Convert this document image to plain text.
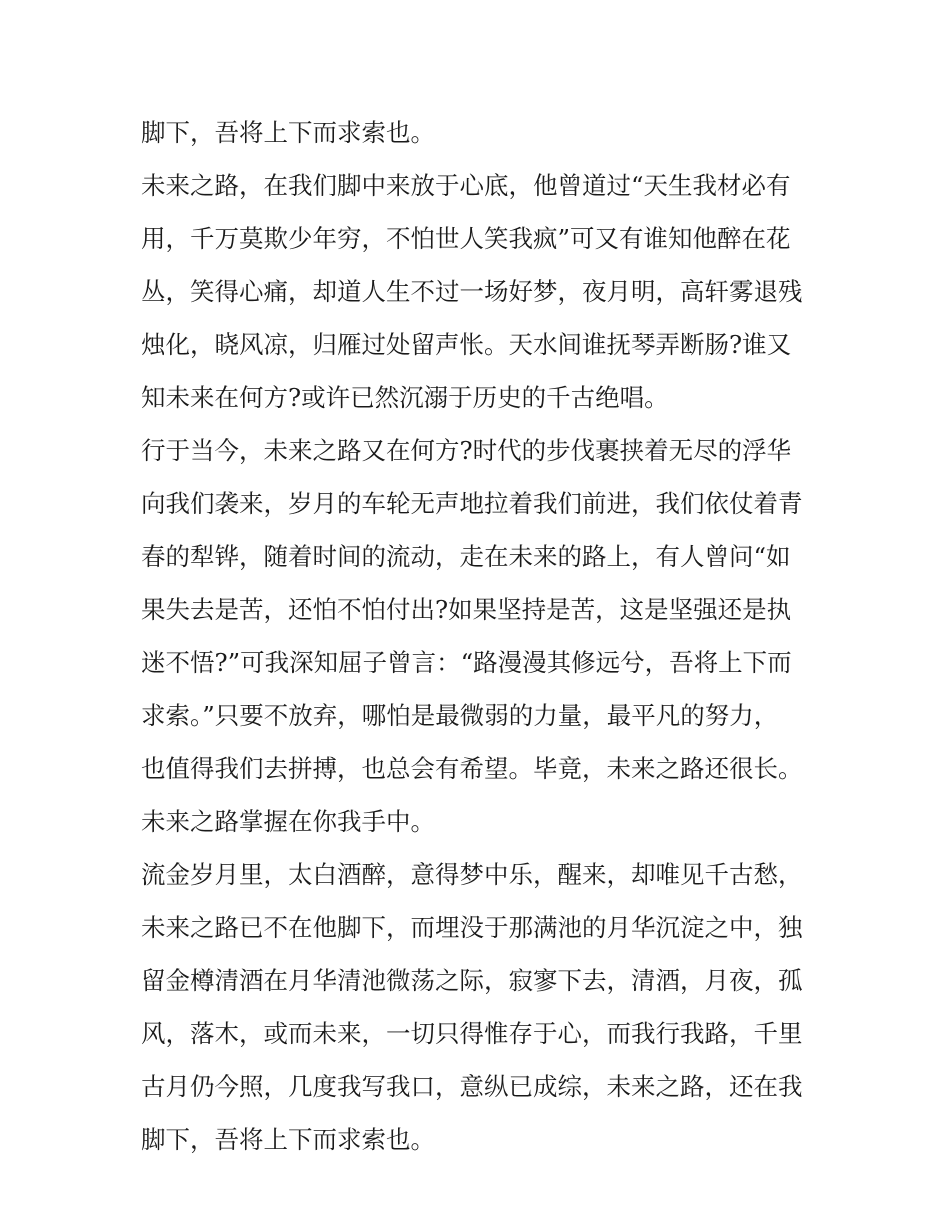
脚下，吾将上下而求索也。
未来之路，在我们脚中来放于心底，他曾道过“天生我材必有
用，千万莫欺少年穷，不怕世人笑我疯”可又有谁知他醉在花
丛，笑得心痛，却道人生不过一场好梦，夜月明，高轩雾退残
烛化，晓风凉，归雁过处留声怅。天水间谁抚琴弄断肠?谁又
知未来在何方?或许已然沉溺于历史的千古绝唱。
行于当今，未来之路又在何方?时代的步伐裹挟着无尽的浮华
向我们袭来，岁月的车轮无声地拉着我们前进，我们依仗着青
春的犁铧，随着时间的流动，走在未来的路上，有人曾问“如
果失去是苦，还怕不怕付出?如果坚持是苦，这是坚强还是执
迷不悟?”可我深知屈子曾言：“路漫漫其修远兮，吾将上下而
求索。”只要不放弃，哪怕是最微弱的力量，最平凡的努力，
也值得我们去拼搏，也总会有希望。毕竟，未来之路还很长。
未来之路掌握在你我手中。
流金岁月里，太白酒醉，意得梦中乐，醒来，却唯见千古愁，
未来之路已不在他脚下，而埋没于那满池的月华沉淀之中，独
留金樽清酒在月华清池微荡之际，寂寥下去，清酒，月夜，孤
风，落木，或而未来，一切只得惟存于心，而我行我路，千里
古月仍今照，几度我写我口，意纵已成综，未来之路，还在我
脚下，吾将上下而求索也。
